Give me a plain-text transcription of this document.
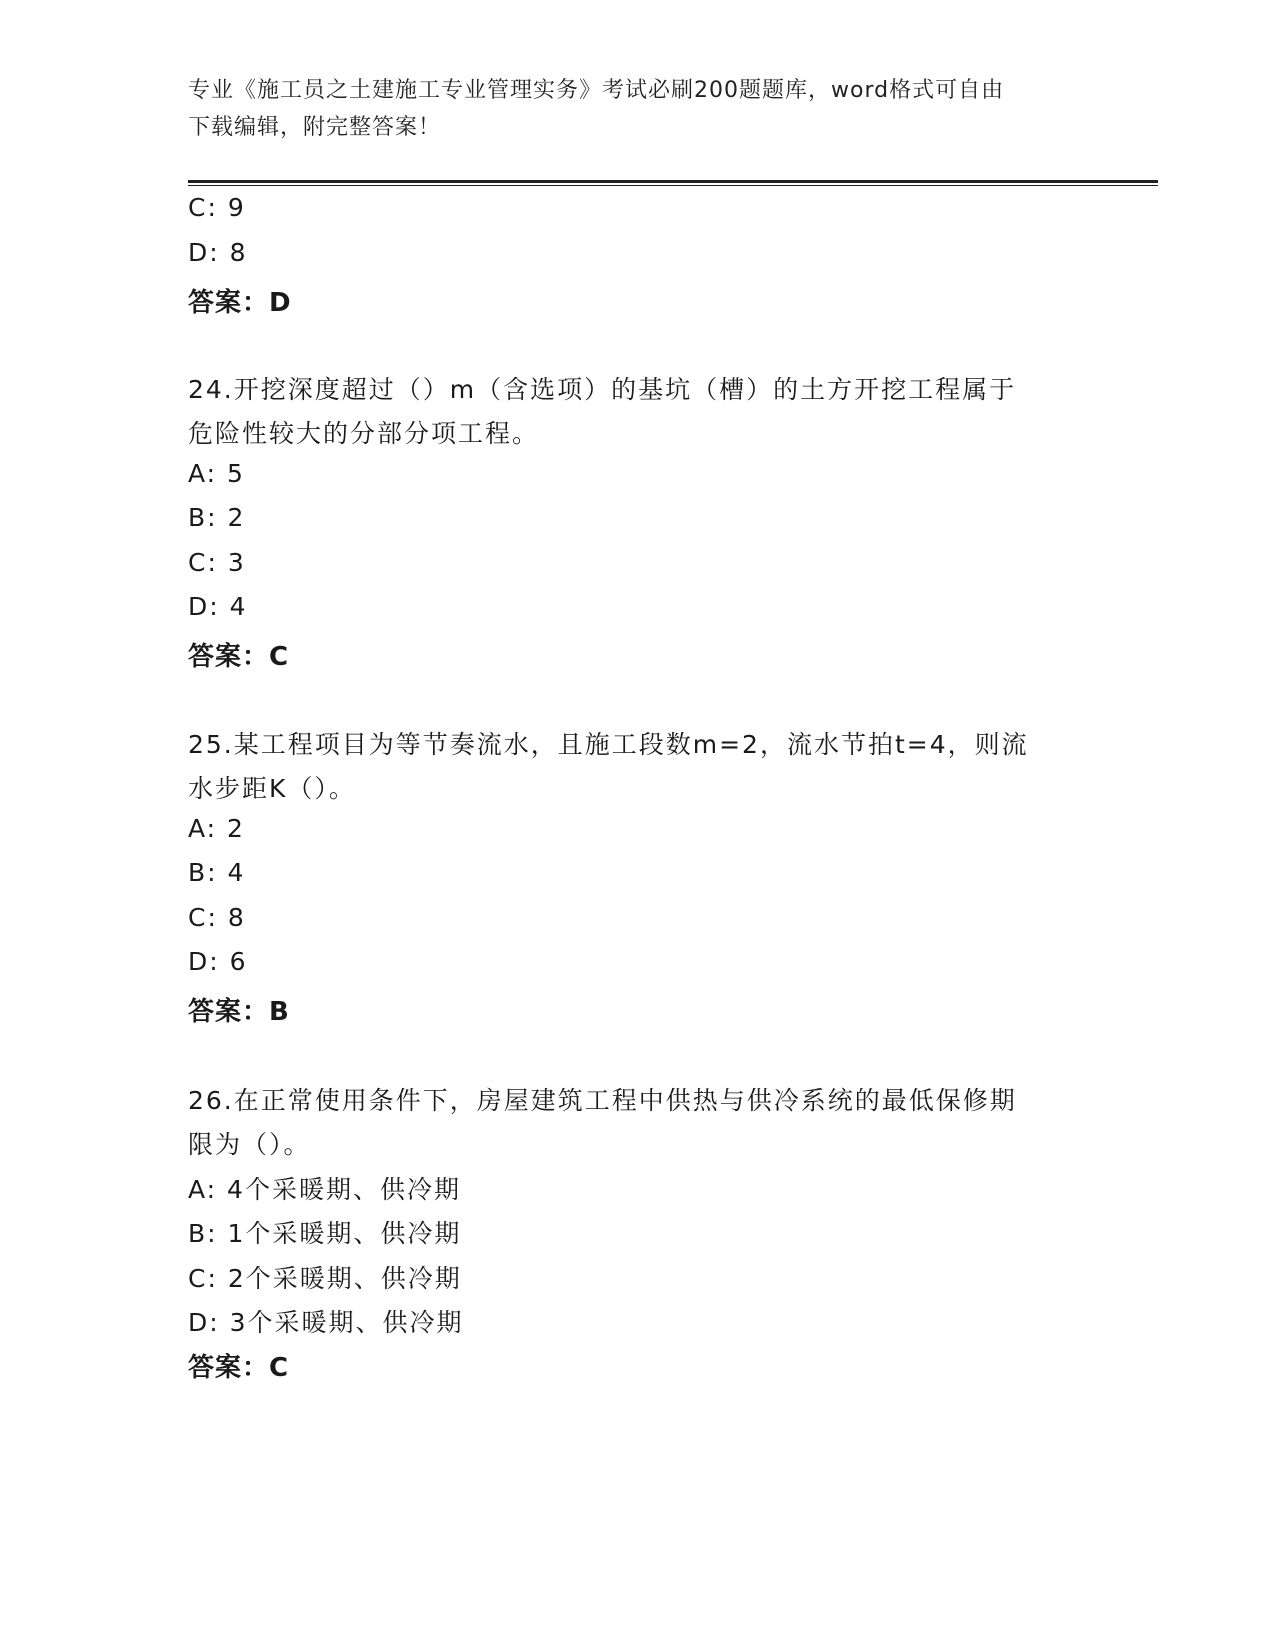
专业《施工员之土建施工专业管理实务》考试必刷200题题库，word格式可自由
下载编辑，附完整答案！
C: 9
D: 8
答案：D
24.开挖深度超过（）m（含选项）的基坑（槽）的土方开挖工程属于
危险性较大的分部分项工程。
A: 5
B: 2
C: 3
D: 4
答案：C
25.某工程项目为等节奏流水，且施工段数m=2，流水节拍t=4，则流
水步距K（）。
A: 2
B: 4
C: 8
D: 6
答案：B
26.在正常使用条件下，房屋建筑工程中供热与供冷系统的最低保修期
限为（）。
A: 4个采暖期、供冷期
B: 1个采暖期、供冷期
C: 2个采暖期、供冷期
D: 3个采暖期、供冷期
答案：C
